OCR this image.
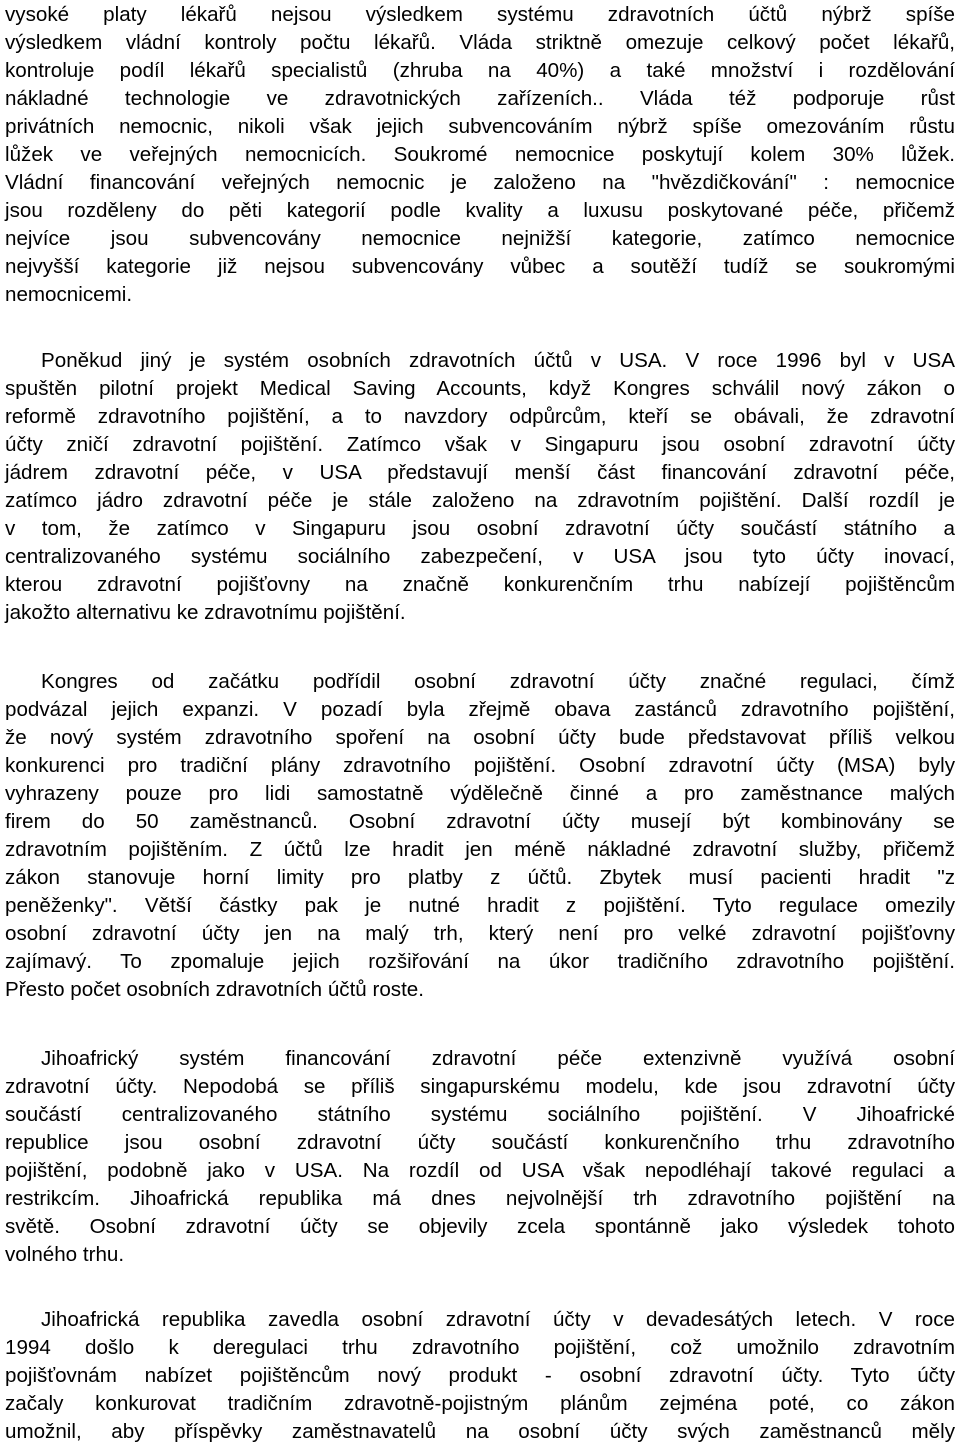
vysoké platy lékařů nejsou výsledkem systému zdravotních účtů nýbrž spíše
výsledkem vládní kontroly počtu lékařů. Vláda striktně omezuje celkový počet lékařů,
kontroluje podíl lékařů specialistů (zhruba na 40%) a také množství i rozdělování
nákladné technologie ve zdravotnických zařízeních.. Vláda též podporuje růst
privátních nemocnic, nikoli však jejich subvencováním nýbrž spíše omezováním růstu
lůžek ve veřejných nemocnicích. Soukromé nemocnice poskytují kolem 30% lůžek.
Vládní financování veřejných nemocnic je založeno na "hvězdičkování" : nemocnice
jsou rozděleny do pěti kategorií podle kvality a luxusu poskytované péče, přičemž
nejvíce jsou subvencovány nemocnice nejnižší kategorie, zatímco nemocnice
nejvyšší kategorie již nejsou subvencovány vůbec a soutěží tudíž se soukromými
nemocnicemi.
Poněkud jiný je systém osobních zdravotních účtů v USA. V roce 1996 byl v USA
spuštěn pilotní projekt Medical Saving Accounts, když Kongres schválil nový zákon o
reformě zdravotního pojištění, a to navzdory odpůrcům, kteří se obávali, že zdravotní
účty zničí zdravotní pojištění. Zatímco však v Singapuru jsou osobní zdravotní účty
jádrem zdravotní péče, v USA představují menší část financování zdravotní péče,
zatímco jádro zdravotní péče je stále založeno na zdravotním pojištění. Další rozdíl je
v tom, že zatímco v Singapuru jsou osobní zdravotní účty součástí státního a
centralizovaného systému sociálního zabezpečení, v USA jsou tyto účty inovací,
kterou zdravotní pojišťovny na značně konkurenčním trhu nabízejí pojištěncům
jakožto alternativu ke zdravotnímu pojištění.
Kongres od začátku podřídil osobní zdravotní účty značné regulaci, čímž
podvázal jejich expanzi. V pozadí byla zřejmě obava zastánců zdravotního pojištění,
že nový systém zdravotního spoření na osobní účty bude představovat příliš velkou
konkurenci pro tradiční plány zdravotního pojištění. Osobní zdravotní účty (MSA) byly
vyhrazeny pouze pro lidi samostatně výdělečně činné a pro zaměstnance malých
firem do 50 zaměstnanců. Osobní zdravotní účty musejí být kombinovány se
zdravotním pojištěním. Z účtů lze hradit jen méně nákladné zdravotní služby, přičemž
zákon stanovuje horní limity pro platby z účtů. Zbytek musí pacienti hradit "z
peněženky". Větší částky pak je nutné hradit z pojištění. Tyto regulace omezily
osobní zdravotní účty jen na malý trh, který není pro velké zdravotní pojišťovny
zajímavý. To zpomaluje jejich rozšiřování na úkor tradičního zdravotního pojištění.
Přesto počet osobních zdravotních účtů roste.
Jihoafrický systém financování zdravotní péče extenzivně využívá osobní
zdravotní účty. Nepodobá se příliš singapurskému modelu, kde jsou zdravotní účty
součástí centralizovaného státního systému sociálního pojištění. V Jihoafrické
republice jsou osobní zdravotní účty součástí konkurenčního trhu zdravotního
pojištění, podobně jako v USA. Na rozdíl od USA však nepodléhají takové regulaci a
restrikcím. Jihoafrická republika má dnes nejvolnější trh zdravotního pojištění na
světě. Osobní zdravotní účty se objevily zcela spontánně jako výsledek tohoto
volného trhu.
Jihoafrická republika zavedla osobní zdravotní účty v devadesátých letech. V roce
1994 došlo k deregulaci trhu zdravotního pojištění, což umožnilo zdravotním
pojišťovnám nabízet pojištěncům nový produkt - osobní zdravotní účty. Tyto účty
začaly konkurovat tradičním zdravotně-pojistným plánům zejména poté, co zákon
umožnil, aby příspěvky zaměstnavatelů na osobní účty svých zaměstnanců měly
